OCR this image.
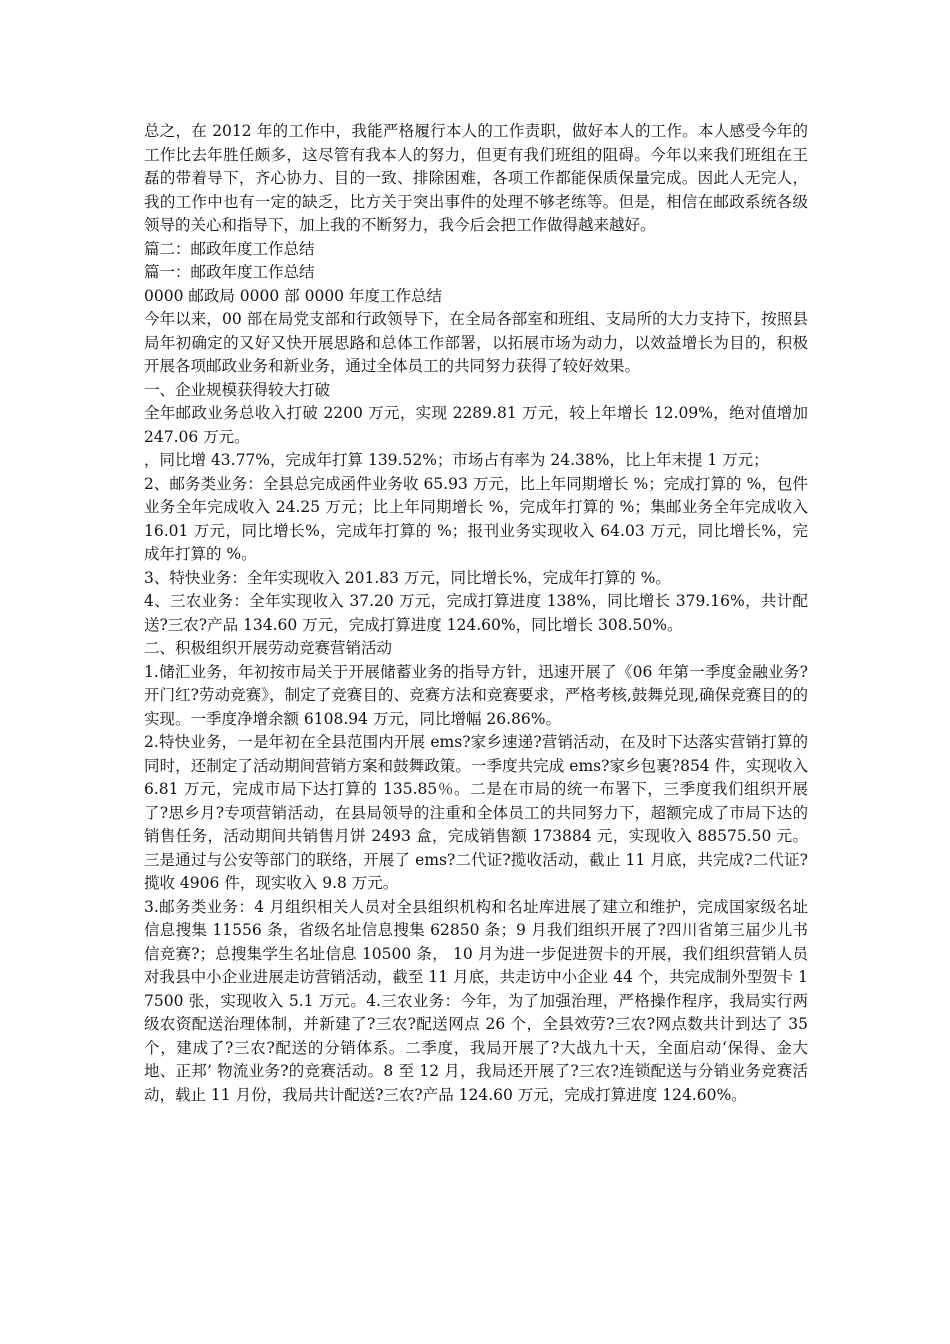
总之，在 2012 年的工作中，我能严格履行本人的工作责职，做好本人的工作。本人感受今年的工作比去年胜任颇多，这尽管有我本人的努力，但更有我们班组的阻碍。今年以来我们班组在王磊的带着导下，齐心协力、目的一致、排除困难，各项工作都能保质保量完成。因此人无完人，我的工作中也有一定的缺乏，比方关于突出事件的处理不够老练等。但是，相信在邮政系统各级领导的关心和指导下，加上我的不断努力，我今后会把工作做得越来越好。

篇二：邮政年度工作总结

篇一：邮政年度工作总结

0000 邮政局 0000 部 0000 年度工作总结

今年以来，00 部在局党支部和行政领导下，在全局各部室和班组、支局所的大力支持下，按照县局年初确定的又好又快开展思路和总体工作部署，以拓展市场为动力，以效益增长为目的，积极开展各项邮政业务和新业务，通过全体员工的共同努力获得了较好效果。

一、企业规模获得较大打破

全年邮政业务总收入打破 2200 万元，实现 2289.81 万元，较上年增长 12.09%，绝对值增加 247.06 万元。

，同比增 43.77%，完成年打算 139.52%；市场占有率为 24.38%，比上年末提 1 万元；

2、邮务类业务：全县总完成函件业务收 65.93 万元，比上年同期增长 %；完成打算的 %，包件业务全年完成收入 24.25 万元；比上年同期增长 %，完成年打算的 %；集邮业务全年完成收入 16.01 万元，同比增长%，完成年打算的 %；报刊业务实现收入 64.03 万元，同比增长%，完成年打算的 %。

3、特快业务：全年实现收入 201.83 万元，同比增长%，完成年打算的 %。

4、三农业务：全年实现收入 37.20 万元，完成打算进度 138%，同比增长 379.16%，共计配送?三农?产品 134.60 万元，完成打算进度 124.60%，同比增长 308.50%。

二、积极组织开展劳动竞赛营销活动

1.储汇业务，年初按市局关于开展储蓄业务的指导方针，迅速开展了《06 年第一季度金融业务?开门红?劳动竞赛》，制定了竞赛目的、竞赛方法和竞赛要求，严格考核,鼓舞兑现,确保竞赛目的的实现。一季度净增余额 6108.94 万元，同比增幅 26.86%。

2.特快业务，一是年初在全县范围内开展 ems?家乡速递?营销活动，在及时下达落实营销打算的同时，还制定了活动期间营销方案和鼓舞政策。一季度共完成 ems?家乡包裹?854 件，实现收入 6.81 万元，完成市局下达打算的 135.85％。二是在市局的统一布署下，三季度我们组织开展了?思乡月?专项营销活动，在县局领导的注重和全体员工的共同努力下，超额完成了市局下达的销售任务，活动期间共销售月饼 2493 盒，完成销售额 173884 元，实现收入 88575.50 元。三是通过与公安等部门的联络，开展了 ems?二代证?揽收活动，截止 11 月底，共完成?二代证?揽收 4906 件，现实收入 9.8 万元。

3.邮务类业务：4 月组织相关人员对全县组织机构和名址库进展了建立和维护，完成国家级名址信息搜集 11556 条，省级名址信息搜集 62850 条；9 月我们组织开展了?四川省第三届少儿书信竞赛?；总搜集学生名址信息 10500 条， 10 月为进一步促进贺卡的开展，我们组织营销人员对我县中小企业进展走访营销活动，截至 11 月底，共走访中小企业 44 个，共完成制外型贺卡 17500 张，实现收入 5.1 万元。4.三农业务：今年，为了加强治理，严格操作程序，我局实行两级农资配送治理体制，并新建了?三农?配送网点 26 个，全县效劳?三农?网点数共计到达了 35 个，建成了?三农?配送的分销体系。二季度，我局开展了?大战九十天，全面启动‘保得、金大地、正邦’ 物流业务?的竞赛活动。8 至 12 月，我局还开展了?三农?连锁配送与分销业务竞赛活动，载止 11 月份，我局共计配送?三农?产品 124.60 万元，完成打算进度 124.60%。
